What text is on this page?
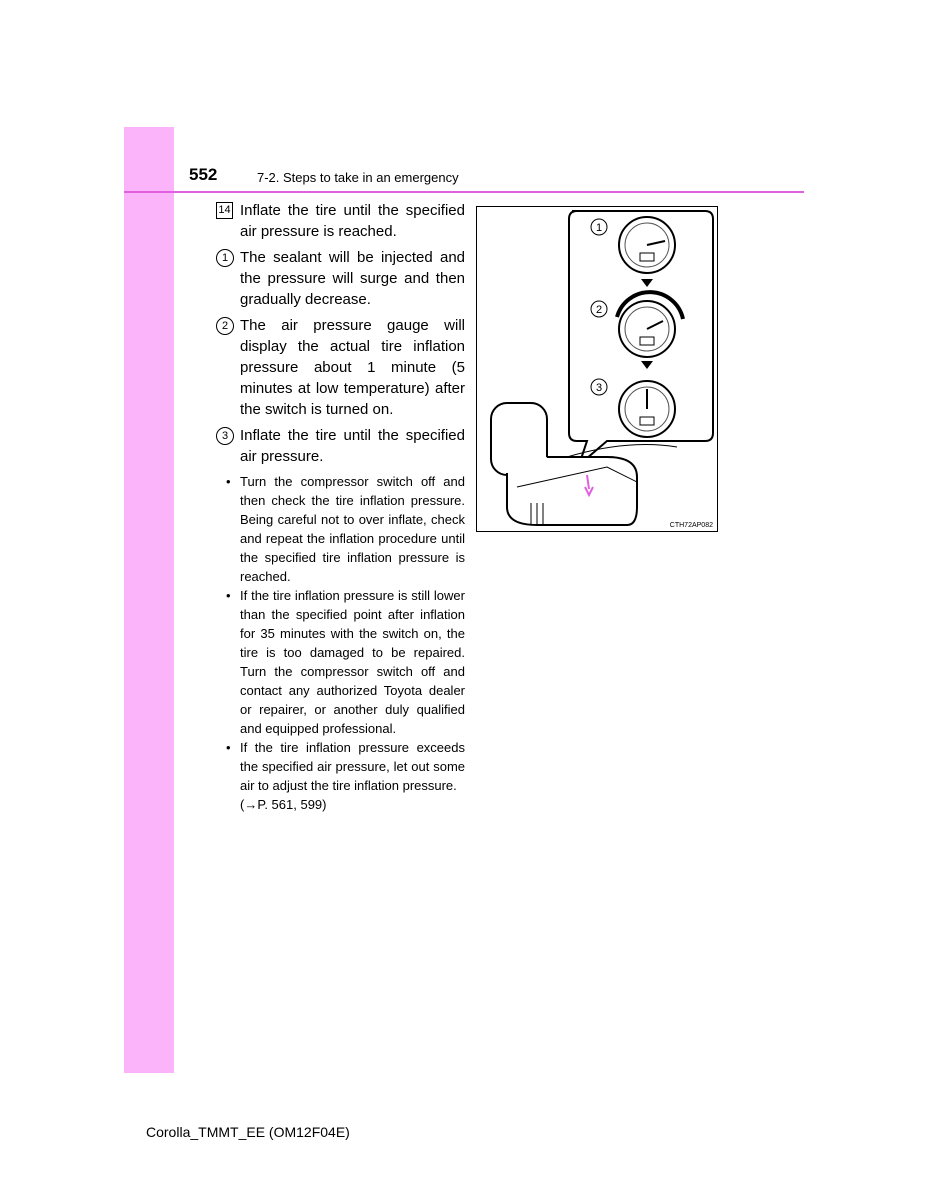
552	7-2. Steps to take in an emergency
14 Inflate the tire until the specified air pressure is reached.
1 The sealant will be injected and the pressure will surge and then gradually decrease.
2 The air pressure gauge will display the actual tire inflation pressure about 1 minute (5 minutes at low temperature) after the switch is turned on.
3 Inflate the tire until the specified air pressure.
• Turn the compressor switch off and then check the tire inflation pressure. Being careful not to over inflate, check and repeat the inflation procedure until the specified tire inflation pressure is reached.
• If the tire inflation pressure is still lower than the specified point after inflation for 35 minutes with the switch on, the tire is too damaged to be repaired. Turn the compressor switch off and contact any authorized Toyota dealer or repairer, or another duly qualified and equipped professional.
• If the tire inflation pressure exceeds the specified air pressure, let out some air to adjust the tire inflation pressure.
(→P. 561, 599)
1
2
3
CTH72AP082
Corolla_TMMT_EE (OM12F04E)
